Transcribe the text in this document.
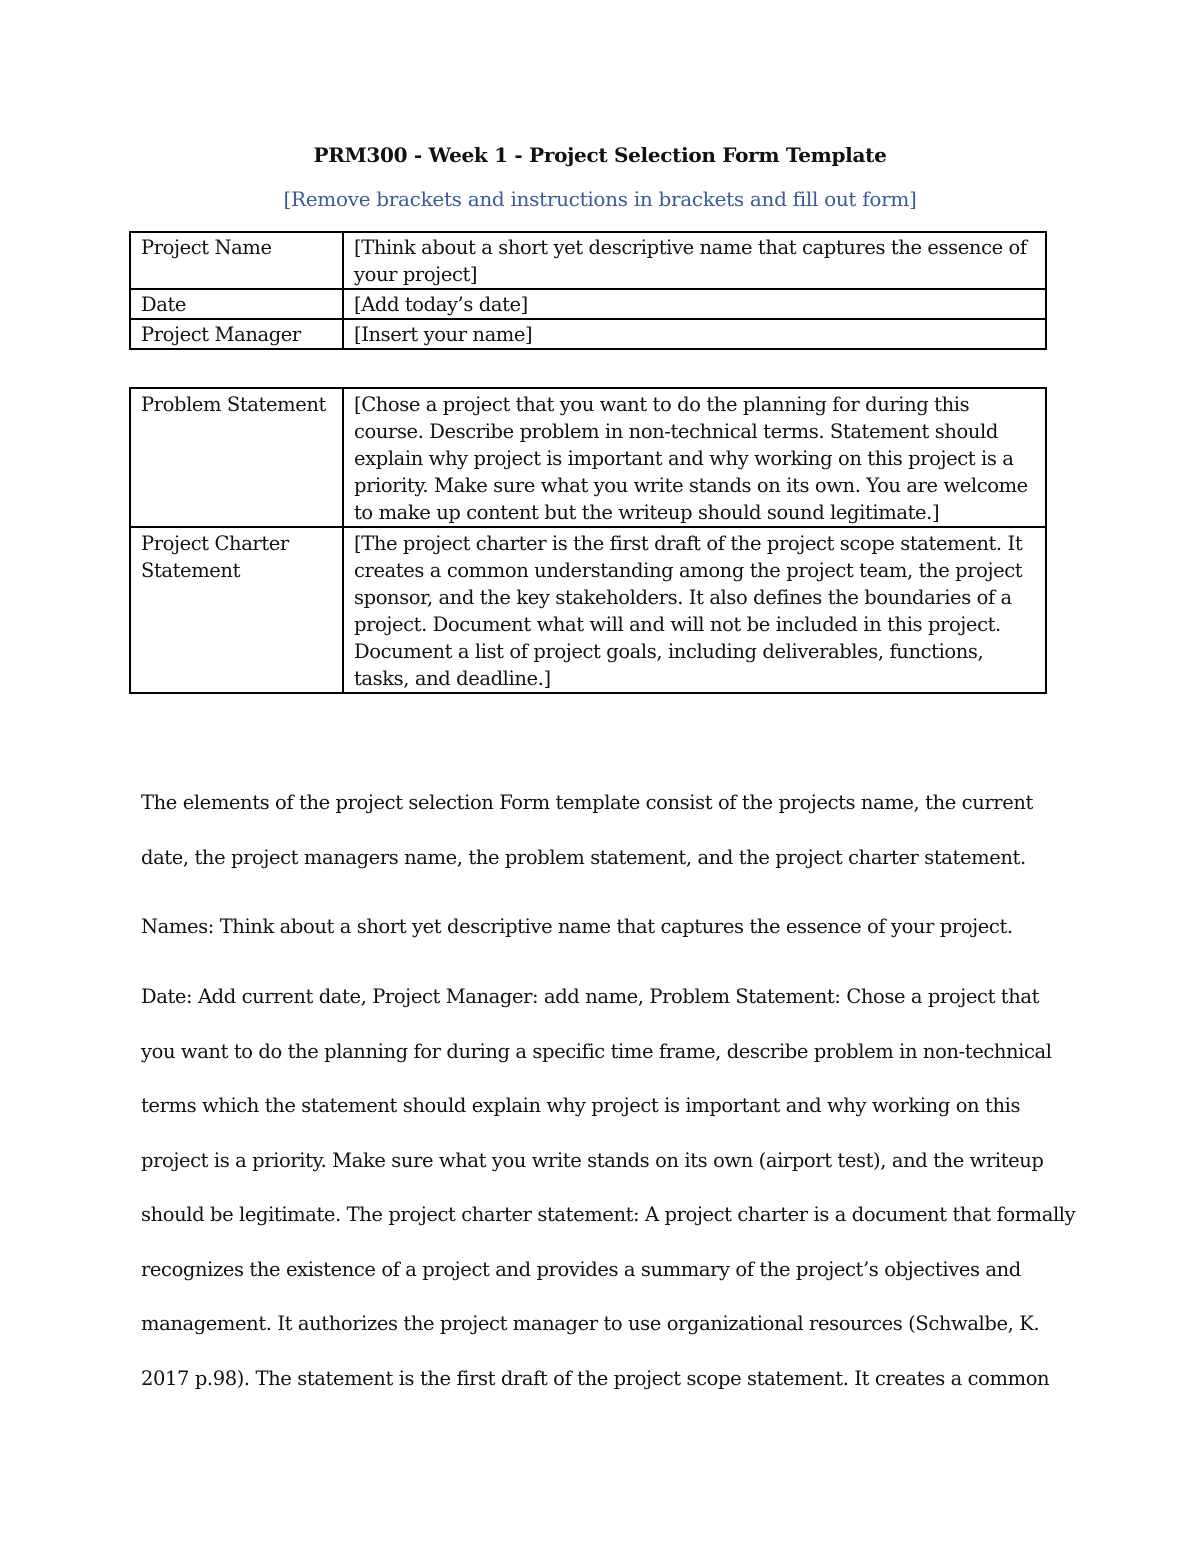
PRM300 - Week 1 - Project Selection Form Template
[Remove brackets and instructions in brackets and fill out form]
Project Name	[Think about a short yet descriptive name that captures the essence of your project]
Date	[Add today’s date]
Project Manager	[Insert your name]
Problem Statement	[Chose a project that you want to do the planning for during this course. Describe problem in non-technical terms. Statement should explain why project is important and why working on this project is a priority. Make sure what you write stands on its own. You are welcome to make up content but the writeup should sound legitimate.]
Project Charter Statement	[The project charter is the first draft of the project scope statement. It creates a common understanding among the project team, the project sponsor, and the key stakeholders. It also defines the boundaries of a project. Document what will and will not be included in this project. Document a list of project goals, including deliverables, functions, tasks, and deadline.]

The elements of the project selection Form template consist of the projects name, the current date, the project managers name, the problem statement, and the project charter statement.

Names: Think about a short yet descriptive name that captures the essence of your project.

Date: Add current date, Project Manager: add name, Problem Statement: Chose a project that you want to do the planning for during a specific time frame, describe problem in non-technical terms which the statement should explain why project is important and why working on this project is a priority. Make sure what you write stands on its own (airport test), and the writeup should be legitimate. The project charter statement: A project charter is a document that formally recognizes the existence of a project and provides a summary of the project’s objectives and management. It authorizes the project manager to use organizational resources (Schwalbe, K. 2017 p.98). The statement is the first draft of the project scope statement. It creates a common
